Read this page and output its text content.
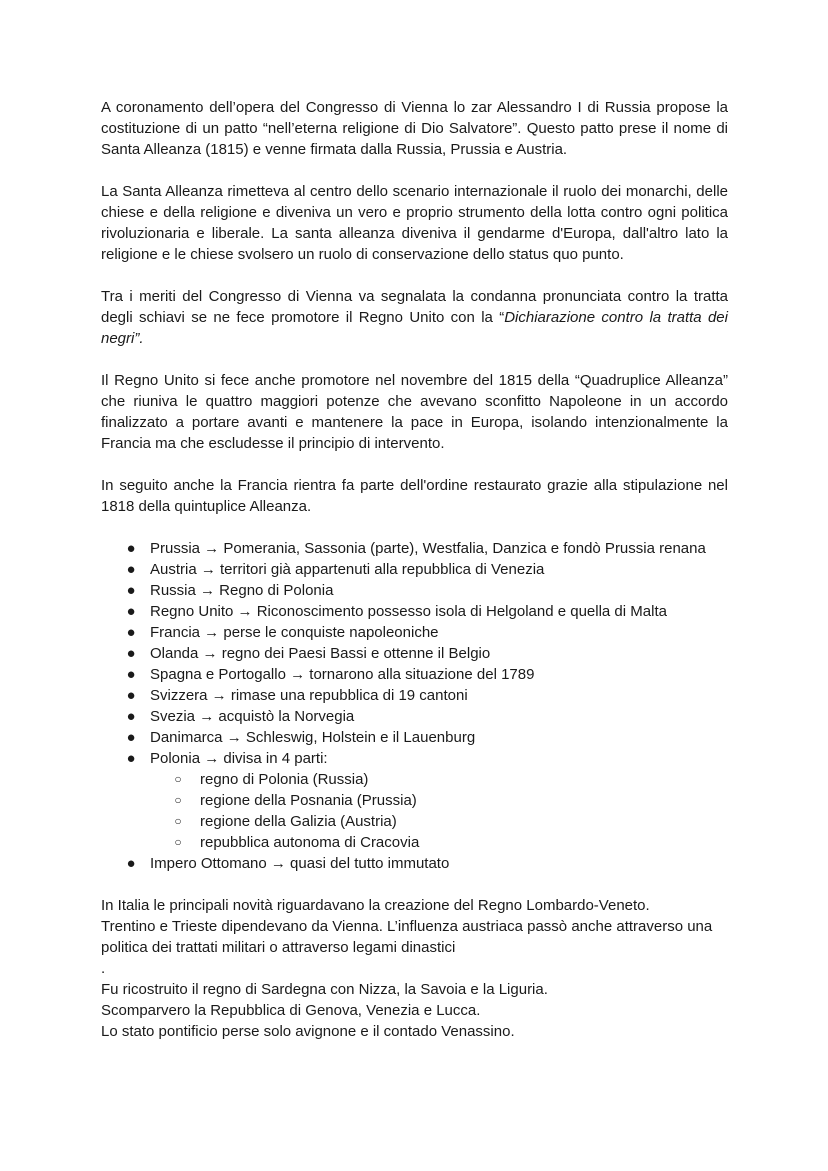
A coronamento dell’opera del Congresso di Vienna lo zar Alessandro I di Russia propose la costituzione di un patto “nell’eterna religione di Dio Salvatore”. Questo patto prese il nome di Santa Alleanza (1815) e venne firmata dalla Russia, Prussia e Austria.

La Santa Alleanza rimetteva al centro dello scenario internazionale il ruolo dei monarchi, delle chiese e della religione e diveniva un vero e proprio strumento della lotta contro ogni politica rivoluzionaria e liberale. La santa alleanza diveniva il gendarme d'Europa, dall'altro lato la religione e le chiese svolsero un ruolo di conservazione dello status quo punto.

Tra i meriti del Congresso di Vienna va segnalata la condanna pronunciata contro la tratta degli schiavi se ne fece promotore il Regno Unito con la “Dichiarazione contro la tratta dei negri”.

Il Regno Unito si fece anche promotore nel novembre del 1815 della “Quadruplice Alleanza” che riuniva le quattro maggiori potenze che avevano sconfitto Napoleone in un accordo finalizzato a portare avanti e mantenere la pace in Europa, isolando intenzionalmente la Francia ma che escludesse il principio di intervento.

In seguito anche la Francia rientra fa parte dell'ordine restaurato grazie alla stipulazione nel 1818 della quintuplice Alleanza.

● Prussia → Pomerania, Sassonia (parte), Westfalia, Danzica e fondò Prussia renana
● Austria → territori già appartenuti alla repubblica di Venezia
● Russia → Regno di Polonia
● Regno Unito → Riconoscimento possesso isola di Helgoland e quella di Malta
● Francia → perse le conquiste napoleoniche
● Olanda → regno dei Paesi Bassi e ottenne il Belgio
● Spagna e Portogallo → tornarono alla situazione del 1789
● Svizzera → rimase una repubblica di 19 cantoni
● Svezia → acquistò la Norvegia
● Danimarca → Schleswig, Holstein e il Lauenburg
● Polonia → divisa in 4 parti:
○ regno di Polonia (Russia)
○ regione della Posnania (Prussia)
○ regione della Galizia (Austria)
○ repubblica autonoma di Cracovia
● Impero Ottomano → quasi del tutto immutato

In Italia le principali novità riguardavano la creazione del Regno Lombardo-Veneto.

Trentino e Trieste dipendevano da Vienna. L’influenza austriaca passò anche attraverso una politica dei trattati militari o attraverso legami dinastici

.

Fu ricostruito il regno di Sardegna con Nizza, la Savoia e la Liguria.

Scomparvero la Repubblica di Genova, Venezia e Lucca.

Lo stato pontificio perse solo avignone e il contado Venassino.
